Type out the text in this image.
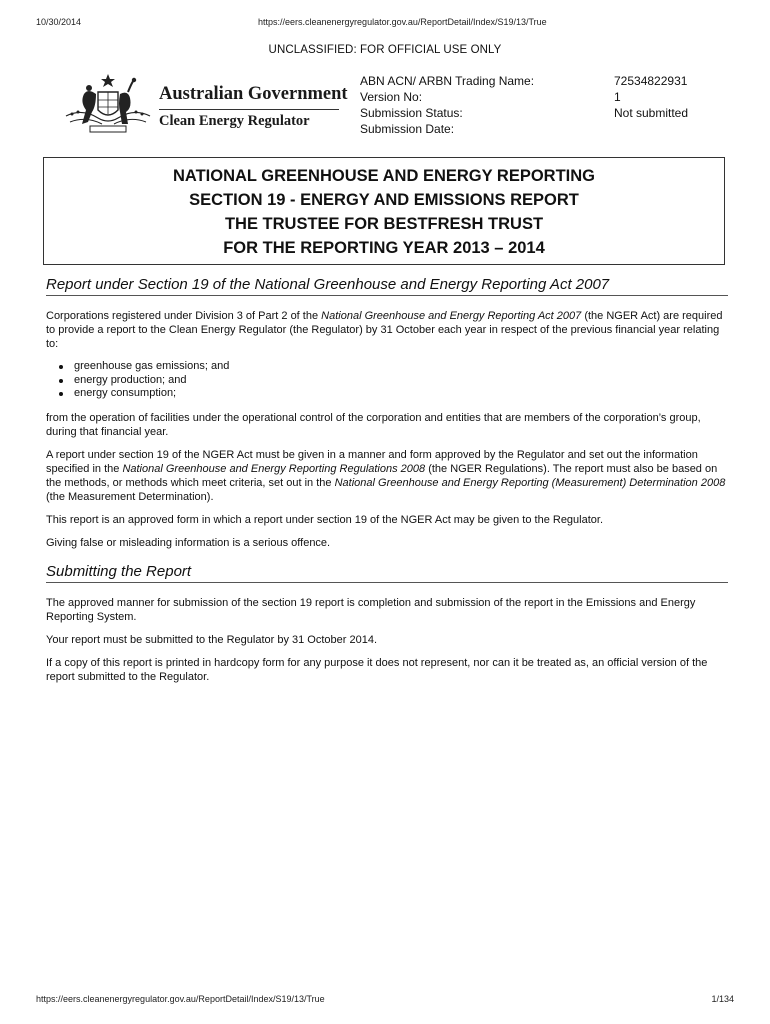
10/30/2014	https://eers.cleanenergyregulator.gov.au/ReportDetail/Index/S19/13/True
UNCLASSIFIED: FOR OFFICIAL USE ONLY
Australian Government
Clean Energy Regulator
ABN ACN/ ARBN Trading Name:	72534822931
Version No:	1
Submission Status:	Not submitted
Submission Date:
NATIONAL GREENHOUSE AND ENERGY REPORTING
SECTION 19 - ENERGY AND EMISSIONS REPORT
THE TRUSTEE FOR BESTFRESH TRUST
FOR THE REPORTING YEAR 2013 – 2014
Report under Section 19 of the National Greenhouse and Energy Reporting Act 2007

Corporations registered under Division 3 of Part 2 of the National Greenhouse and Energy Reporting Act 2007 (the NGER Act) are required to provide a report to the Clean Energy Regulator (the Regulator) by 31 October each year in respect of the previous financial year relating to:

greenhouse gas emissions; and
energy production; and
energy consumption;

from the operation of facilities under the operational control of the corporation and entities that are members of the corporation’s group, during that financial year.

A report under section 19 of the NGER Act must be given in a manner and form approved by the Regulator and set out the information specified in the National Greenhouse and Energy Reporting Regulations 2008 (the NGER Regulations). The report must also be based on the methods, or methods which meet criteria, set out in the National Greenhouse and Energy Reporting (Measurement) Determination 2008 (the Measurement Determination).

This report is an approved form in which a report under section 19 of the NGER Act may be given to the Regulator.

Giving false or misleading information is a serious offence.

Submitting the Report

The approved manner for submission of the section 19 report is completion and submission of the report in the Emissions and Energy Reporting System.

Your report must be submitted to the Regulator by 31 October 2014.

If a copy of this report is printed in hardcopy form for any purpose it does not represent, nor can it be treated as, an official version of the report submitted to the Regulator.

https://eers.cleanenergyregulator.gov.au/ReportDetail/Index/S19/13/True	1/134
